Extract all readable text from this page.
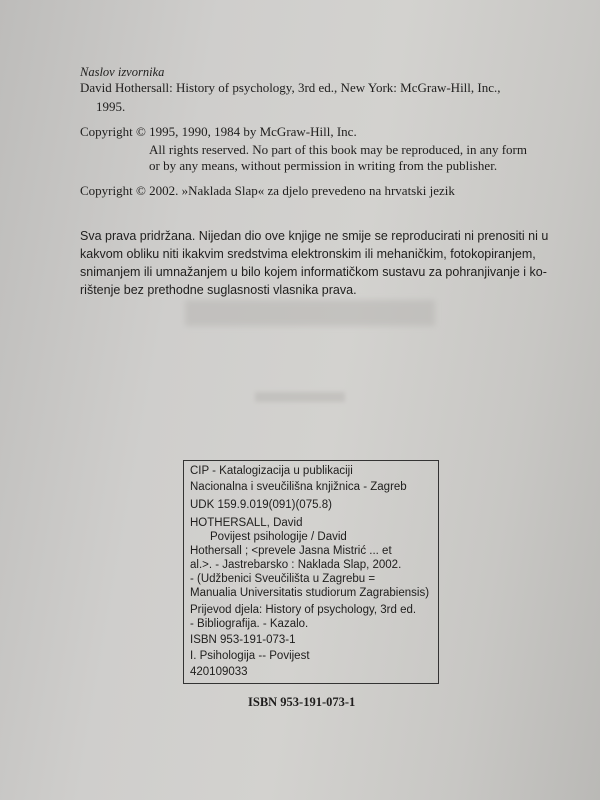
Naslov izvornika
David Hothersall: History of psychology, 3rd ed., New York: McGraw-Hill, Inc.,
1995.
Copyright © 1995, 1990, 1984 by McGraw-Hill, Inc.
All rights reserved. No part of this book may be reproduced, in any form
or by any means, without permission in writing from the publisher.
Copyright © 2002. »Naklada Slap« za djelo prevedeno na hrvatski jezik
Sva prava pridržana. Nijedan dio ove knjige ne smije se reproducirati ni prenositi ni u
kakvom obliku niti ikakvim sredstvima elektronskim ili mehaničkim, fotokopiranjem,
snimanjem ili umnažanjem u bilo kojem informatičkom sustavu za pohranjivanje i ko-
rištenje bez prethodne suglasnosti vlasnika prava.
CIP - Katalogizacija u publikaciji
Nacionalna i sveučilišna knjižnica - Zagreb
UDK 159.9.019(091)(075.8)
HOTHERSALL, David
Povijest psihologije / David
Hothersall ; <prevele Jasna Mistrić ... et
al.>. - Jastrebarsko : Naklada Slap, 2002.
- (Udžbenici Sveučilišta u Zagrebu =
Manualia Universitatis studiorum Zagrabiensis)
Prijevod djela: History of psychology, 3rd ed.
- Bibliografija. - Kazalo.
ISBN 953-191-073-1
I. Psihologija -- Povijest
420109033
ISBN 953-191-073-1
